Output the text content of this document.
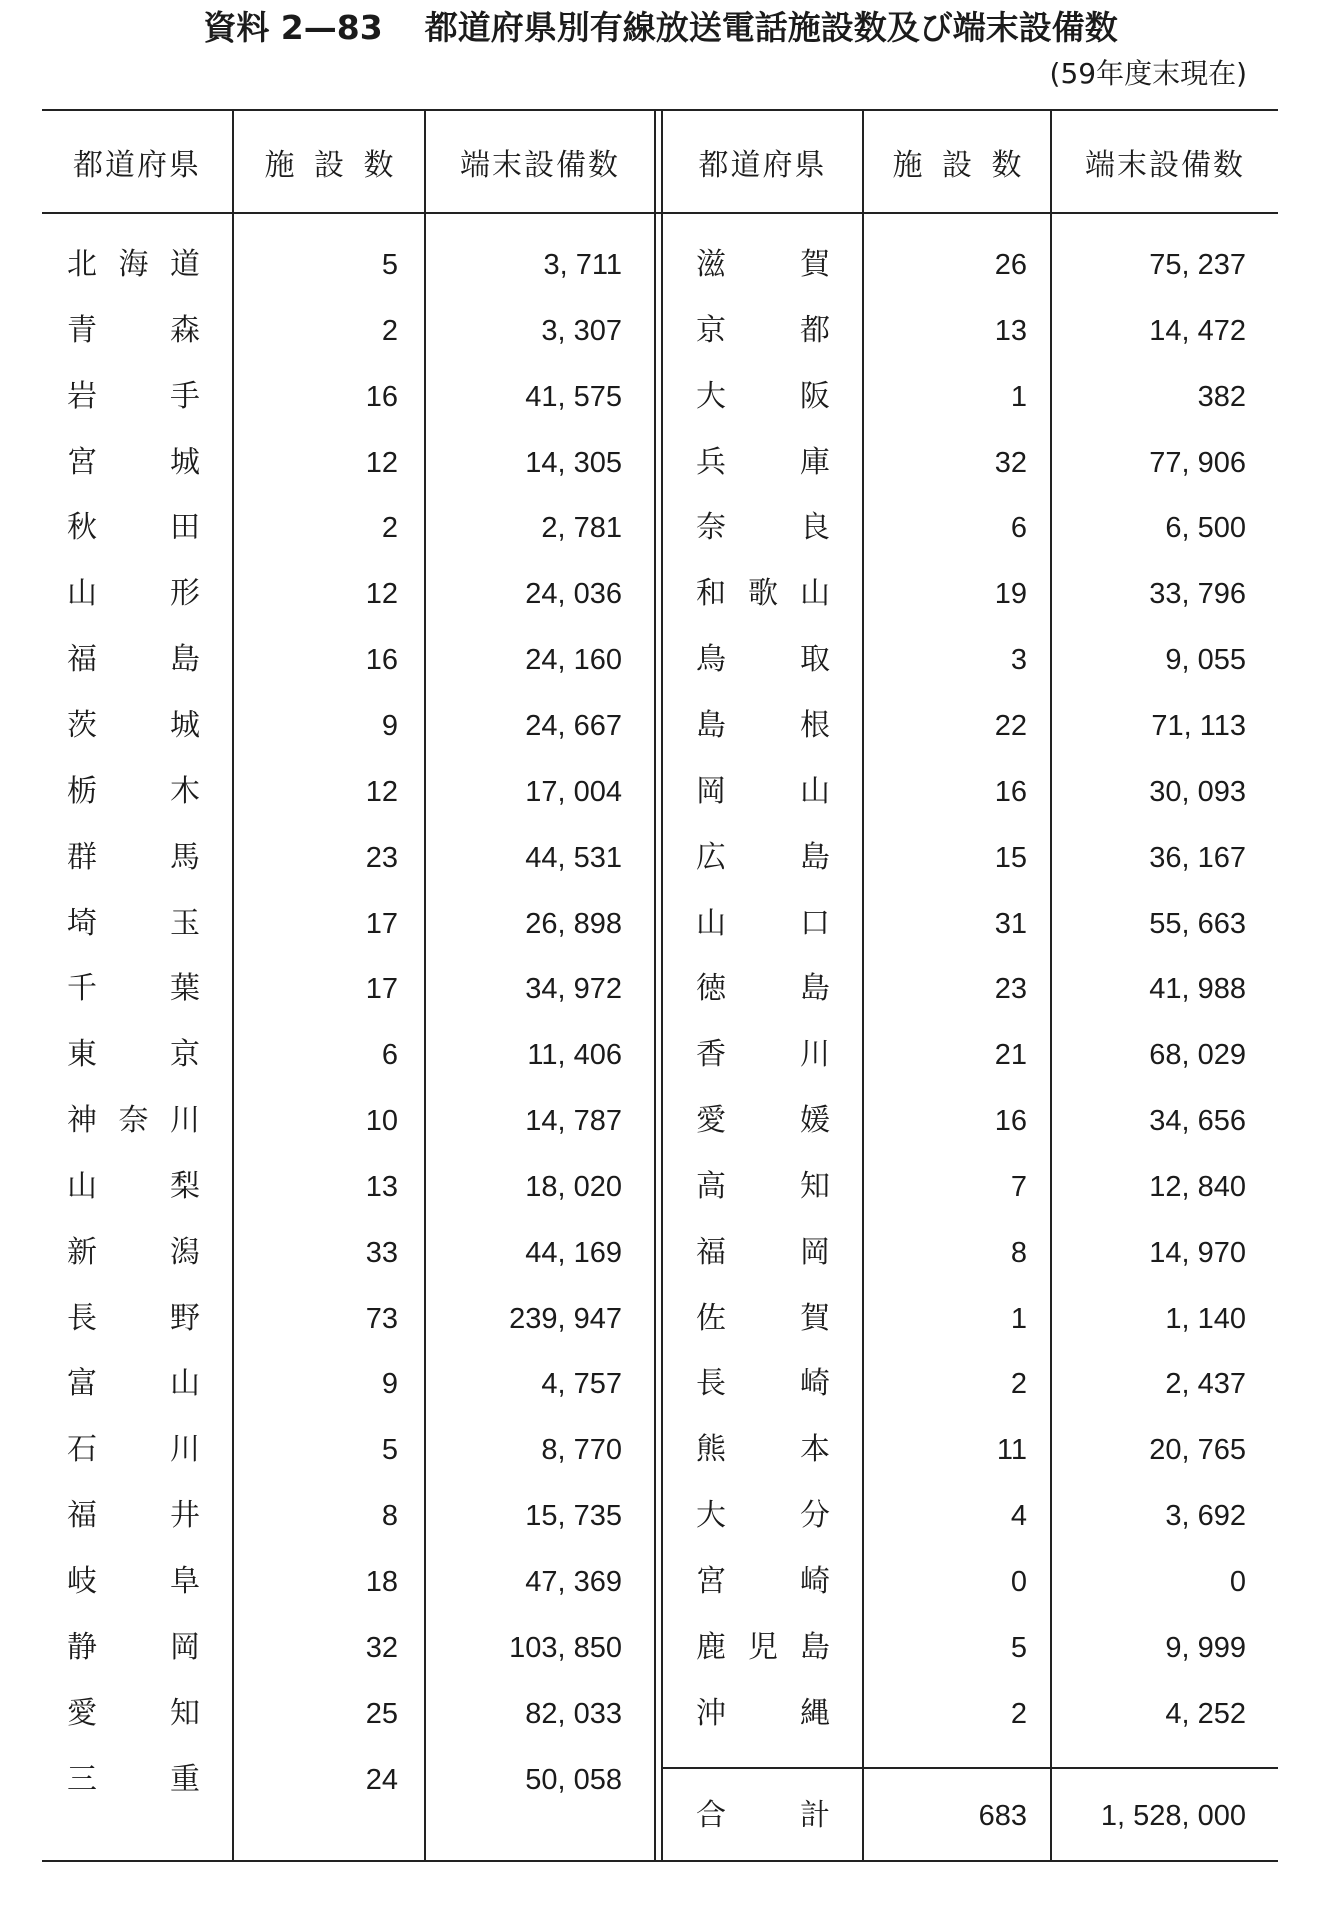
資料 2—83 都道府県別有線放送電話施設数及び端末設備数
(59年度末現在)
都道府県 施 設 数 端末設備数	都道府県 施 設 数 端末設備数
合 計	683	1, 528, 000
北 海 道	5	3, 711
青 森	2	3, 307
岩 手	16	41, 575
宮 城	12	14, 305
秋 田	2	2, 781
山 形	12	24, 036
福 島	16	24, 160
茨 城	9	24, 667
栃 木	12	17, 004
群 馬	23	44, 531
埼 玉	17	26, 898
千 葉	17	34, 972
東 京	6	11, 406
神 奈 川	10	14, 787
山 梨	13	18, 020
新 潟	33	44, 169
長 野	73	239, 947
富 山	9	4, 757
石 川	5	8, 770
福 井	8	15, 735
岐 阜	18	47, 369
静 岡	32	103, 850
愛 知	25	82, 033
三 重	24	50, 058
滋 賀	26	75, 237
京 都	13	14, 472
大 阪	1	382
兵 庫	32	77, 906
奈 良	6	6, 500
和 歌 山	19	33, 796
鳥 取	3	9, 055
島 根	22	71, 113
岡 山	16	30, 093
広 島	15	36, 167
山 口	31	55, 663
徳 島	23	41, 988
香 川	21	68, 029
愛 媛	16	34, 656
高 知	7	12, 840
福 岡	8	14, 970
佐 賀	1	1, 140
長 崎	2	2, 437
熊 本	11	20, 765
大 分	4	3, 692
宮 崎	0	0
鹿 児 島	5	9, 999
沖 縄	2	4, 252
